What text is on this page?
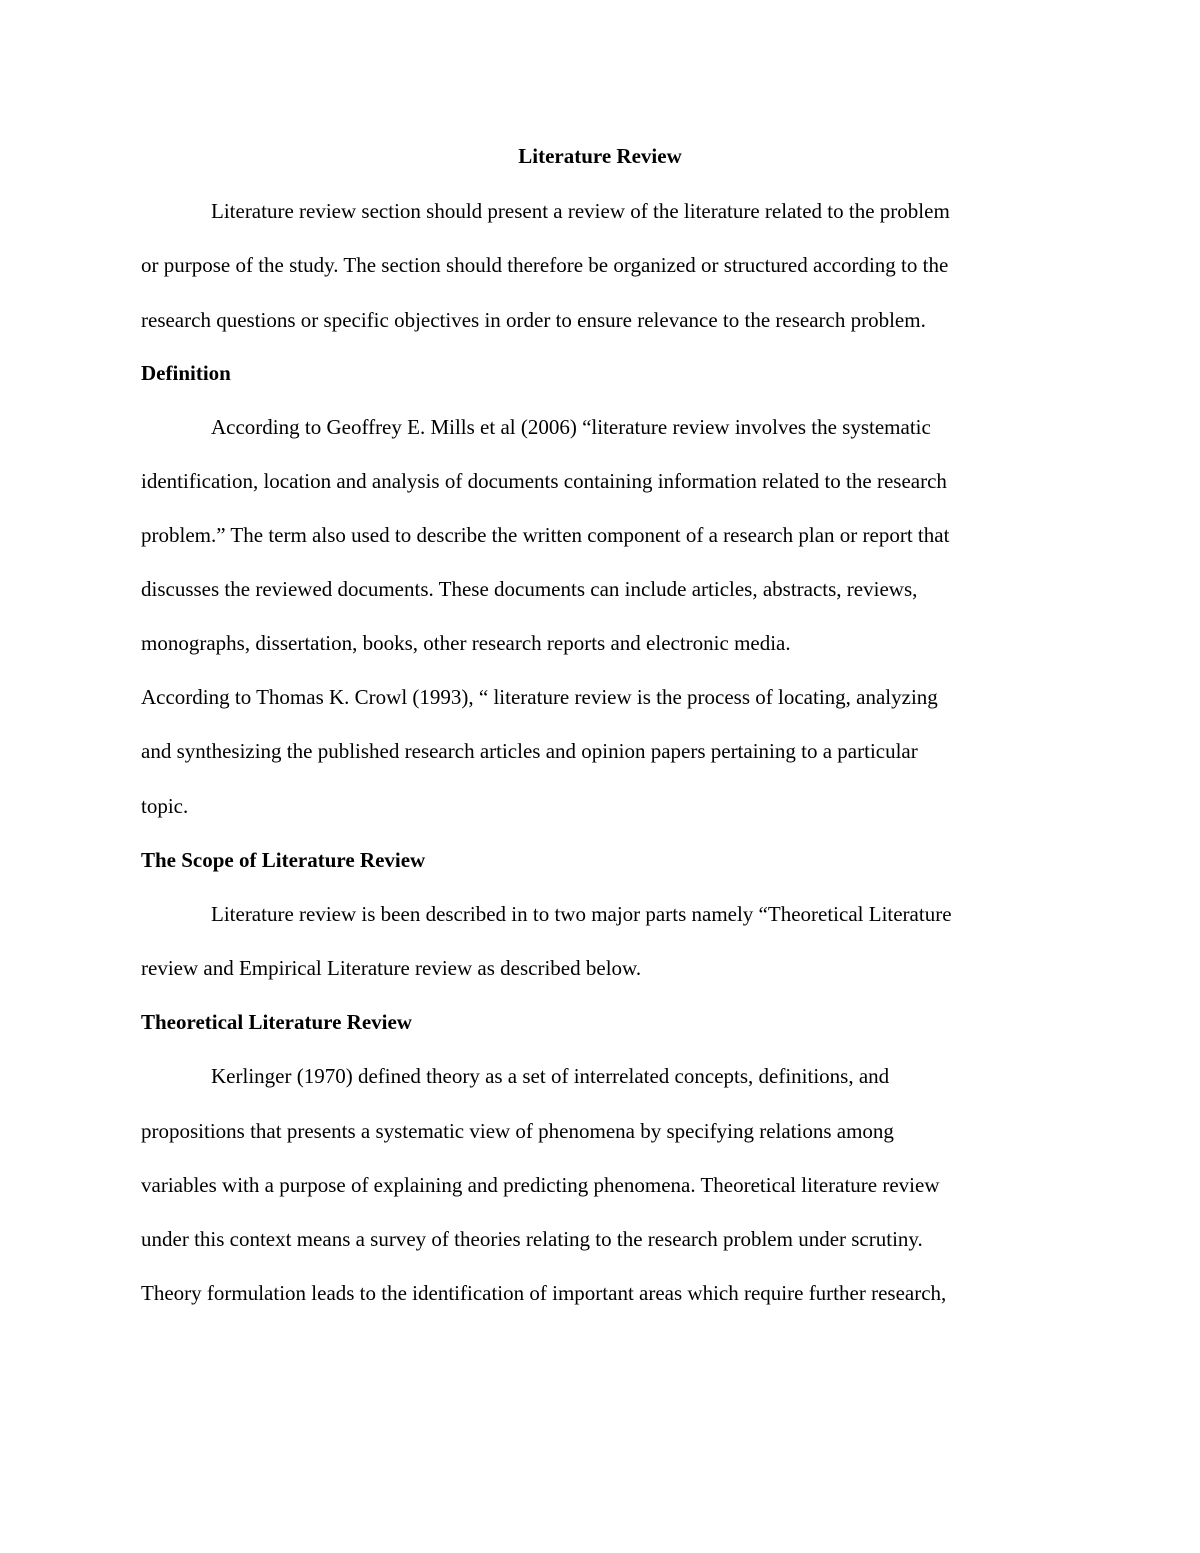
Literature Review
Literature review section should present a review of the literature related to the problem
or purpose of the study. The section should therefore be organized or structured according to the
research questions or specific objectives in order to ensure relevance to the research problem.
Definition
According to Geoffrey E. Mills et al (2006) “literature review involves the systematic
identification, location and analysis of documents containing information related to the research
problem.” The term also used to describe the written component of a research plan or report that
discusses the reviewed documents. These documents can include articles, abstracts, reviews,
monographs, dissertation, books, other research reports and electronic media.
According to Thomas K. Crowl (1993), “ literature review is the process of locating, analyzing
and synthesizing the published research articles and opinion papers pertaining to a particular
topic.
The Scope of Literature Review
Literature review is been described in to two major parts namely “Theoretical Literature
review and Empirical Literature review as described below.
Theoretical Literature Review
Kerlinger (1970) defined theory as a set of interrelated concepts, definitions, and
propositions that presents a systematic view of phenomena by specifying relations among
variables with a purpose of explaining and predicting phenomena. Theoretical literature review
under this context means a survey of theories relating to the research problem under scrutiny.
Theory formulation leads to the identification of important areas which require further research,
